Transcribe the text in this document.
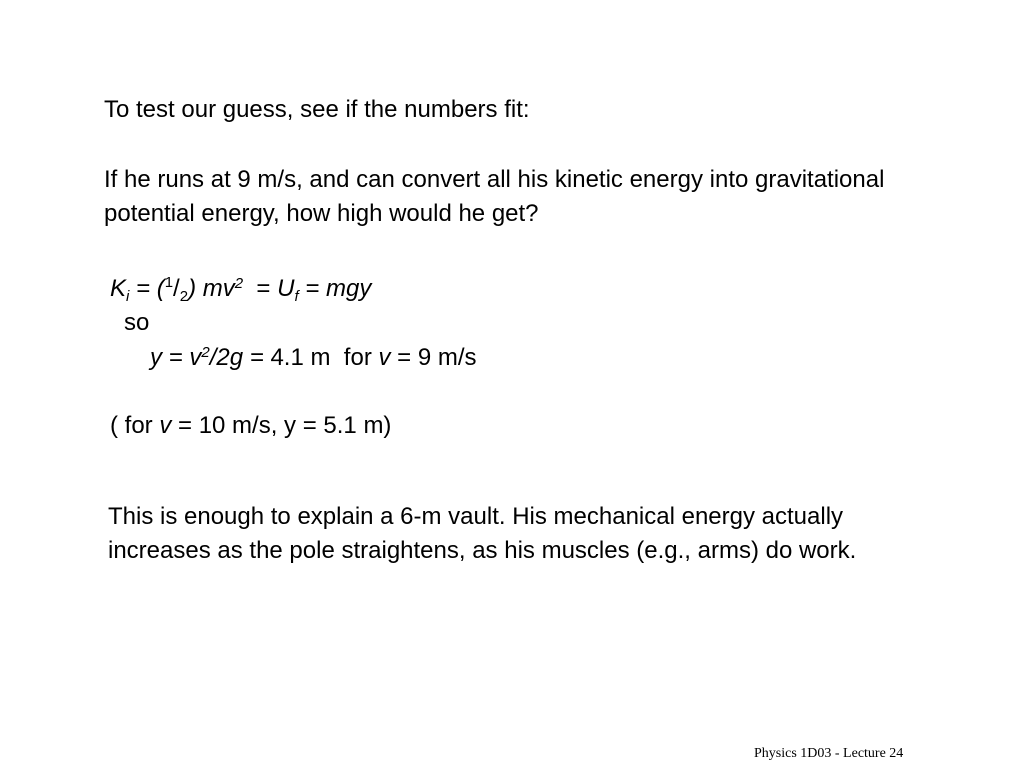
To test our guess, see if the numbers fit:
If he runs at 9 m/s, and can convert all his kinetic energy into gravitational potential energy, how high would he get?
$K_i = (^1/_2) mv^2 = U_f$ = mgy
so
$y = v^2/2g = 4.1$ m  for v = 9 m/s
( for v = 10 m/s, y = 5.1 m)
This is enough to explain a 6-m vault. His mechanical energy actually increases as the pole straightens, as his muscles (e.g., arms) do work.
Physics 1D03 - Lecture 24
